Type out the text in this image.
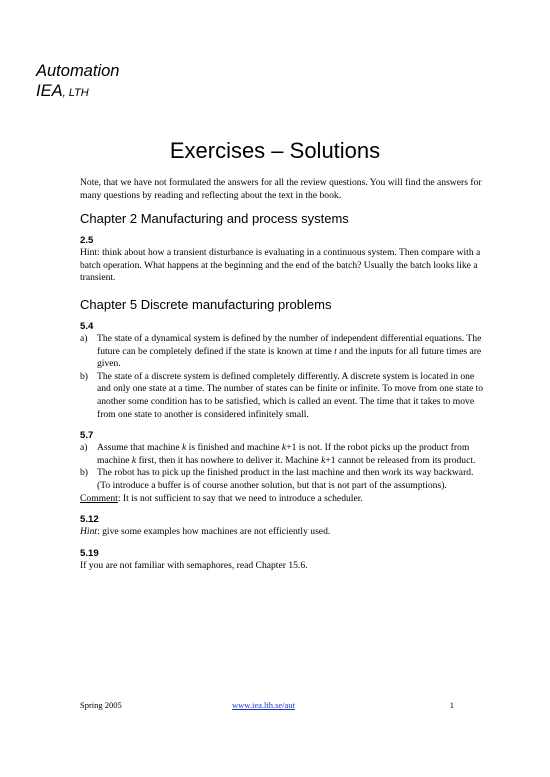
Automation
IEA, LTH
Exercises – Solutions

Note, that we have not formulated the answers for all the review questions. You will find the answers for many questions by reading and reflecting about the text in the book.

Chapter 2 Manufacturing and process systems

2.5

Hint: think about how a transient disturbance is evaluating in a continuous system. Then compare with a batch operation. What happens at the beginning and the end of the batch? Usually the batch looks like a transient.

Chapter 5 Discrete manufacturing problems

5.4

a) The state of a dynamical system is defined by the number of independent differential equations. The future can be completely defined if the state is known at time t and the inputs for all future times are given.
b) The state of a discrete system is defined completely differently. A discrete system is located in one and only one state at a time. The number of states can be finite or infinite. To move from one state to another some condition has to be satisfied, which is called an event. The time that it takes to move from one state to another is considered infinitely small.

5.7

a) Assume that machine k is finished and machine k+1 is not. If the robot picks up the product from machine k first, then it has nowhere to deliver it. Machine k+1 cannot be released from its product.
b) The robot has to pick up the finished product in the last machine and then work its way backward. (To introduce a buffer is of course another solution, but that is not part of the assumptions).

Comment: It is not sufficient to say that we need to introduce a scheduler.

5.12

Hint: give some examples how machines are not efficiently used.

5.19

If you are not familiar with semaphores, read Chapter 15.6.

Spring 2005	www.iea.lth.se/aut	1
